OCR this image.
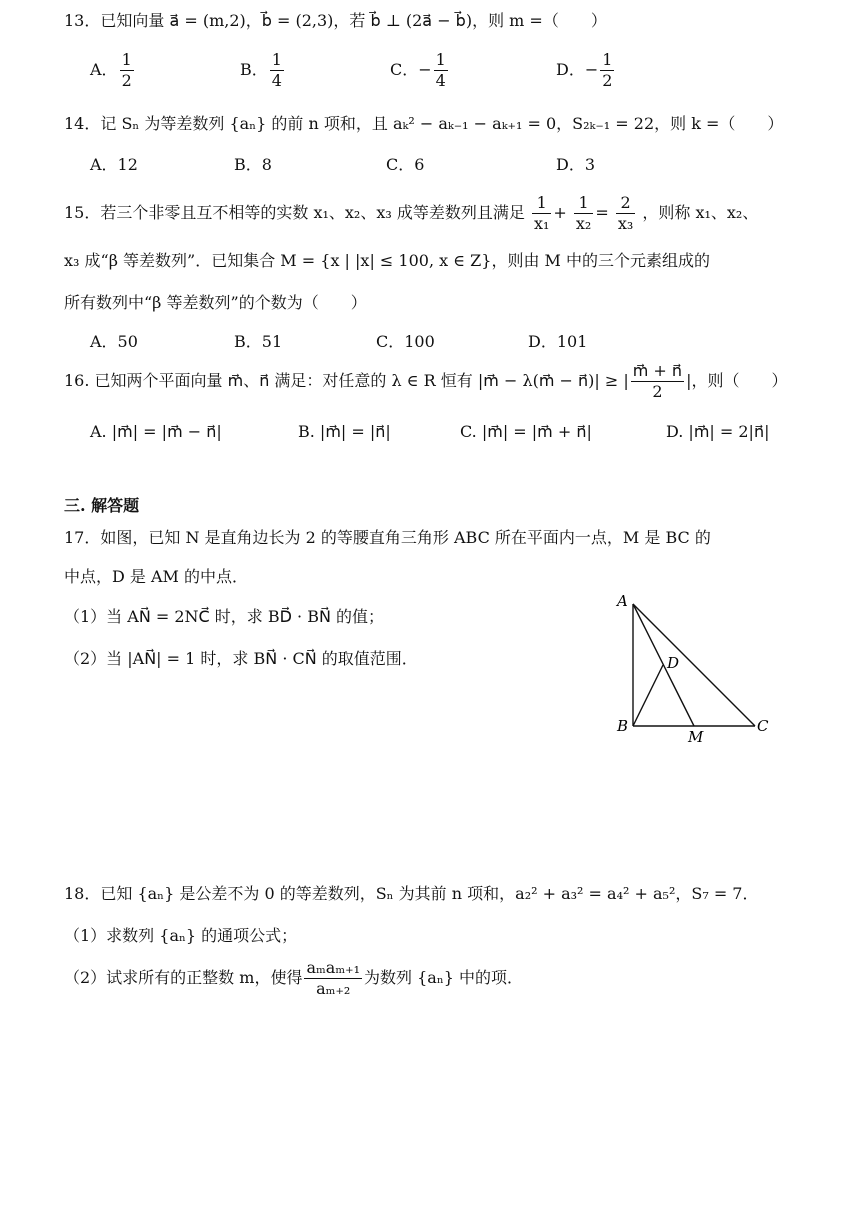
13．已知向量 a⃗ = (m,2)，b⃗ = (2,3)，若 b⃗ ⊥ (2a⃗ − b⃗)，则 m =（　　）
A． $\frac{1}{2}$	B． $\frac{1}{4}$	C．− $\frac{1}{4}$	D．− $\frac{1}{2}$
14．记 Sₙ 为等差数列 {aₙ} 的前 n 项和，且 aₖ² − aₖ₋₁ − aₖ₊₁ = 0，S₂ₖ₋₁ = 22，则 k =（　　）
A．12	B．8	C．6	D．3
15．若三个非零且互不相等的实数 x₁、x₂、x₃ 成等差数列且满足 $\frac{1}{\text{x₁}} + \frac{1}{\text{x₂}} = \frac{2}{\text{x₃}}$ ，则称 x₁、x₂、
x₃ 成“β 等差数列”．已知集合 M = {x | |x| ≤ 100, x ∈ Z}，则由 M 中的三个元素组成的
所有数列中“β 等差数列”的个数为（　　）
A．50	B．51	C．100	D．101
16. 已知两个平面向量 m⃗、n⃗ 满足：对任意的 λ ∈ R 恒有 |m⃗ − λ(m⃗ − n⃗)| ≥ | $\frac{m⃗ + n⃗}{2}$ |，则（　　）
A. |m⃗| = |m⃗ − n⃗|	B. |m⃗| = |n⃗|	C. |m⃗| = |m⃗ + n⃗|	D. |m⃗| = 2|n⃗|
三. 解答题
17．如图，已知 N 是直角边长为 2 的等腰直角三角形 ABC 所在平面内一点，M 是 BC 的
中点，D 是 AM 的中点．
（1）当 AN⃗ = 2NC⃗ 时，求 BD⃗ · BN⃗ 的值；
（2）当 |AN⃗| = 1 时，求 BN⃗ · CN⃗ 的取值范围．
A
B	C
D
M
18．已知 {aₙ} 是公差不为 0 的等差数列，Sₙ 为其前 n 项和，a₂² + a₃² = a₄² + a₅²，S₇ = 7．
（1）求数列 {aₙ} 的通项公式；
（2）试求所有的正整数 m，使得 $\frac{\text{aₘaₘ₊₁}}{\text{aₘ₊₂}}$ 为数列 {aₙ} 中的项．
